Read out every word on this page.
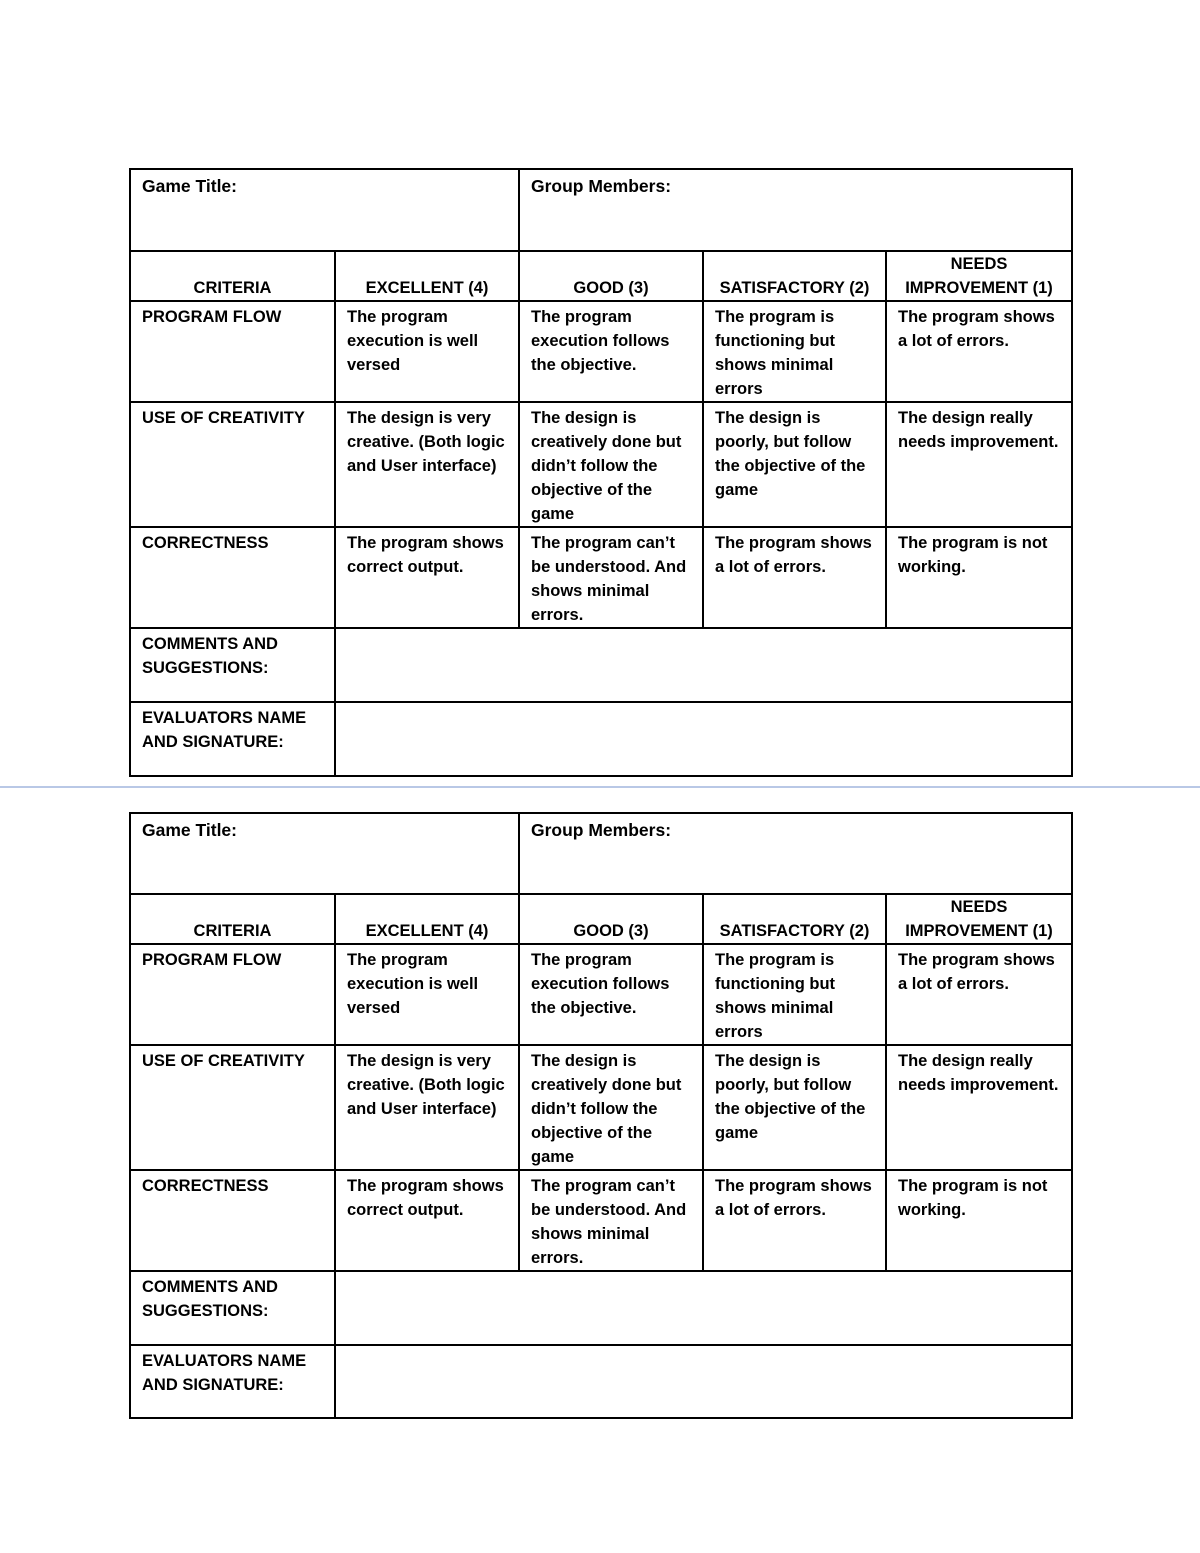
Game Title:		Group Members:		
CRITERIA	EXCELLENT (4)	GOOD (3)	SATISFACTORY (2)	NEEDS IMPROVEMENT (1)
PROGRAM FLOW	The program execution is well versed	The program execution follows the objective.	The program is functioning but shows minimal errors	The program shows a lot of errors.
USE OF CREATIVITY	The design is very creative. (Both logic and User interface)	The design is creatively done but didn’t follow the objective of the game	The design is poorly, but follow the objective of the game	The design really needs improvement.
CORRECTNESS	The program shows correct output.	The program can’t be understood. And shows minimal errors.	The program shows a lot of errors.	The program is not working.
COMMENTS AND SUGGESTIONS:				
EVALUATORS NAME AND SIGNATURE:				
Game Title:		Group Members:		
CRITERIA	EXCELLENT (4)	GOOD (3)	SATISFACTORY (2)	NEEDS IMPROVEMENT (1)
PROGRAM FLOW	The program execution is well versed	The program execution follows the objective.	The program is functioning but shows minimal errors	The program shows a lot of errors.
USE OF CREATIVITY	The design is very creative. (Both logic and User interface)	The design is creatively done but didn’t follow the objective of the game	The design is poorly, but follow the objective of the game	The design really needs improvement.
CORRECTNESS	The program shows correct output.	The program can’t be understood. And shows minimal errors.	The program shows a lot of errors.	The program is not working.
COMMENTS AND SUGGESTIONS:				
EVALUATORS NAME AND SIGNATURE:				
